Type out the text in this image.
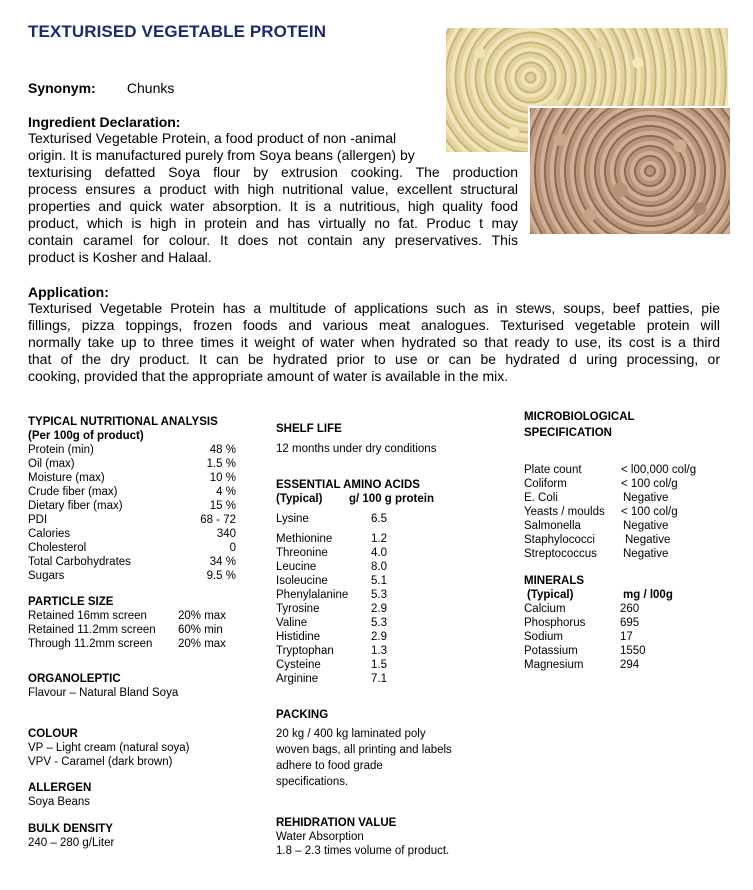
TEXTURISED VEGETABLE PROTEIN
Synonym: Chunks
Ingredient Declaration:
Texturised Vegetable Protein, a food product of non -animal
origin. It is manufactured purely from Soya beans (allergen) by
texturising defatted Soya flour by extrusion cooking. The production
process ensures a product with high nutritional value, excellent structural
properties and quick water absorption. It is a nutritious, high quality food
product, which is high in protein and has virtually no fat. Produc t may
contain caramel for colour. It does not contain any preservatives. This
product is Kosher and Halaal.
Application:
Texturised Vegetable Protein has a multitude of applications such as in stews, soups, beef patties, pie
fillings, pizza toppings, frozen foods and various meat analogues. Texturised vegetable protein will
normally take up to three times it weight of water when hydrated so that ready to use, its cost is a third
that of the dry product. It can be hydrated prior to use or can be hydrated d uring processing, or
cooking, provided that the appropriate amount of water is available in the mix.
TYPICAL NUTRITIONAL ANALYSIS
(Per 100g of product)
Protein (min)	48 %
Oil (max)	1.5 %
Moisture (max)	10 %
Crude fiber (max)	4 %
Dietary fiber (max)	15 %
PDI	68 - 72
Calories	340
Cholesterol	0
Total Carbohydrates	34 %
Sugars	9.5 %
PARTICLE SIZE
Retained 16mm screen	20% max
Retained 11.2mm screen	60% min
Through 11.2mm screen	20% max
ORGANOLEPTIC
Flavour – Natural Bland Soya
COLOUR
VP – Light cream (natural soya)
VPV - Caramel (dark brown)
ALLERGEN
Soya Beans
BULK DENSITY
240 – 280 g/Liter
SHELF LIFE
12 months under dry conditions
ESSENTIAL AMINO ACIDS
(Typical)	g/ 100 g protein
Lysine	6.5
Methionine	1.2
Threonine	4.0
Leucine	8.0
Isoleucine	5.1
Phenylalanine	5.3
Tyrosine	2.9
Valine	5.3
Histidine	2.9
Tryptophan	1.3
Cysteine	1.5
Arginine	7.1
PACKING
20 kg / 400 kg laminated poly
woven bags, all printing and labels
adhere to food grade
specifications.
REHIDRATION VALUE
Water Absorption
1.8 – 2.3 times volume of product.
MICROBIOLOGICAL
SPECIFICATION
Plate count	< l00,000 col/g
Coliform	< 100 col/g
E. Coli	Negative
Yeasts / moulds	< 100 col/g
Salmonella	Negative
Staphylococci	Negative
Streptococcus	Negative
MINERALS
(Typical)	mg / l00g
Calcium	260
Phosphorus	695
Sodium	17
Potassium	1550
Magnesium	294
